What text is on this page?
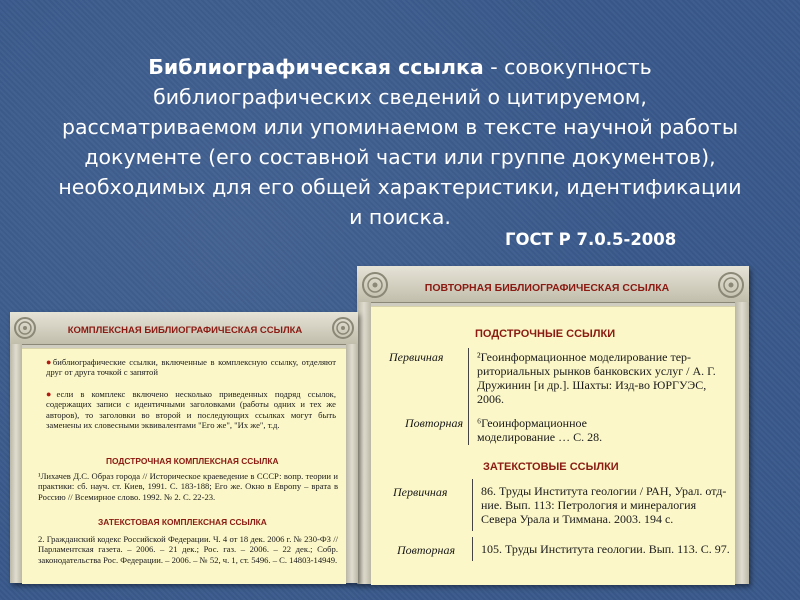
Библиографическая ссылка - совокупность библиографических сведений о цитируемом, рассматриваемом или упоминаемом в тексте научной работы документе (его составной части или группе документов), необходимых для его общей характеристики, идентификации и поиска.
ГОСТ Р 7.0.5-2008
ПОВТОРНАЯ БИБЛИОГРАФИЧЕСКАЯ ССЫЛКА
ПОДСТРОЧНЫЕ ССЫЛКИ
Первичная	²Геоинформационное моделирование тер-риториальных рынков банковских услуг / А. Г. Дружинин [и др.]. Шахты: Изд-во ЮРГУЭС, 2006.
Повторная ⁶Геоинформационное моделирование … С. 28.
ЗАТЕКСТОВЫЕ ССЫЛКИ
Первичная	86. Труды Института геологии / РАН, Урал. отд-ние. Вып. 113: Петрология и минералогия Севера Урала и Тиммана. 2003. 194 с.
Повторная 105. Труды Института геологии. Вып. 113. С. 97.
КОМПЛЕКСНАЯ БИБЛИОГРАФИЧЕСКАЯ ССЫЛКА
●библиографические ссылки, включенные в комплексную ссылку, отделяют друг от друга точкой с запятой
●если в комплекс включено несколько приведенных подряд ссылок, содержащих записи с идентичными заголовками (работы одних и тех же авторов), то заголовки во второй и последующих ссылках могут быть заменены их словесными эквивалентами "Его же", "Их же", т.д.
ПОДСТРОЧНАЯ КОМПЛЕКСНАЯ ССЫЛКА
¹Лихачев Д.С. Образ города // Историческое краеведение в СССР: вопр. теории и практики: сб. науч. ст. Киев, 1991. С. 183-188; Его же. Окно в Европу – врата в Россию // Всемирное слово. 1992. № 2. С. 22-23.
ЗАТЕКСТОВАЯ КОМПЛЕКСНАЯ ССЫЛКА
2. Гражданский кодекс Российской Федерации. Ч. 4 от 18 дек. 2006 г. № 230-ФЗ // Парламентская газета. – 2006. – 21 дек.; Рос. газ. – 2006. – 22 дек.; Собр. законодательства Рос. Федерации. – 2006. – № 52, ч. 1, ст. 5496. – С. 14803-14949.
